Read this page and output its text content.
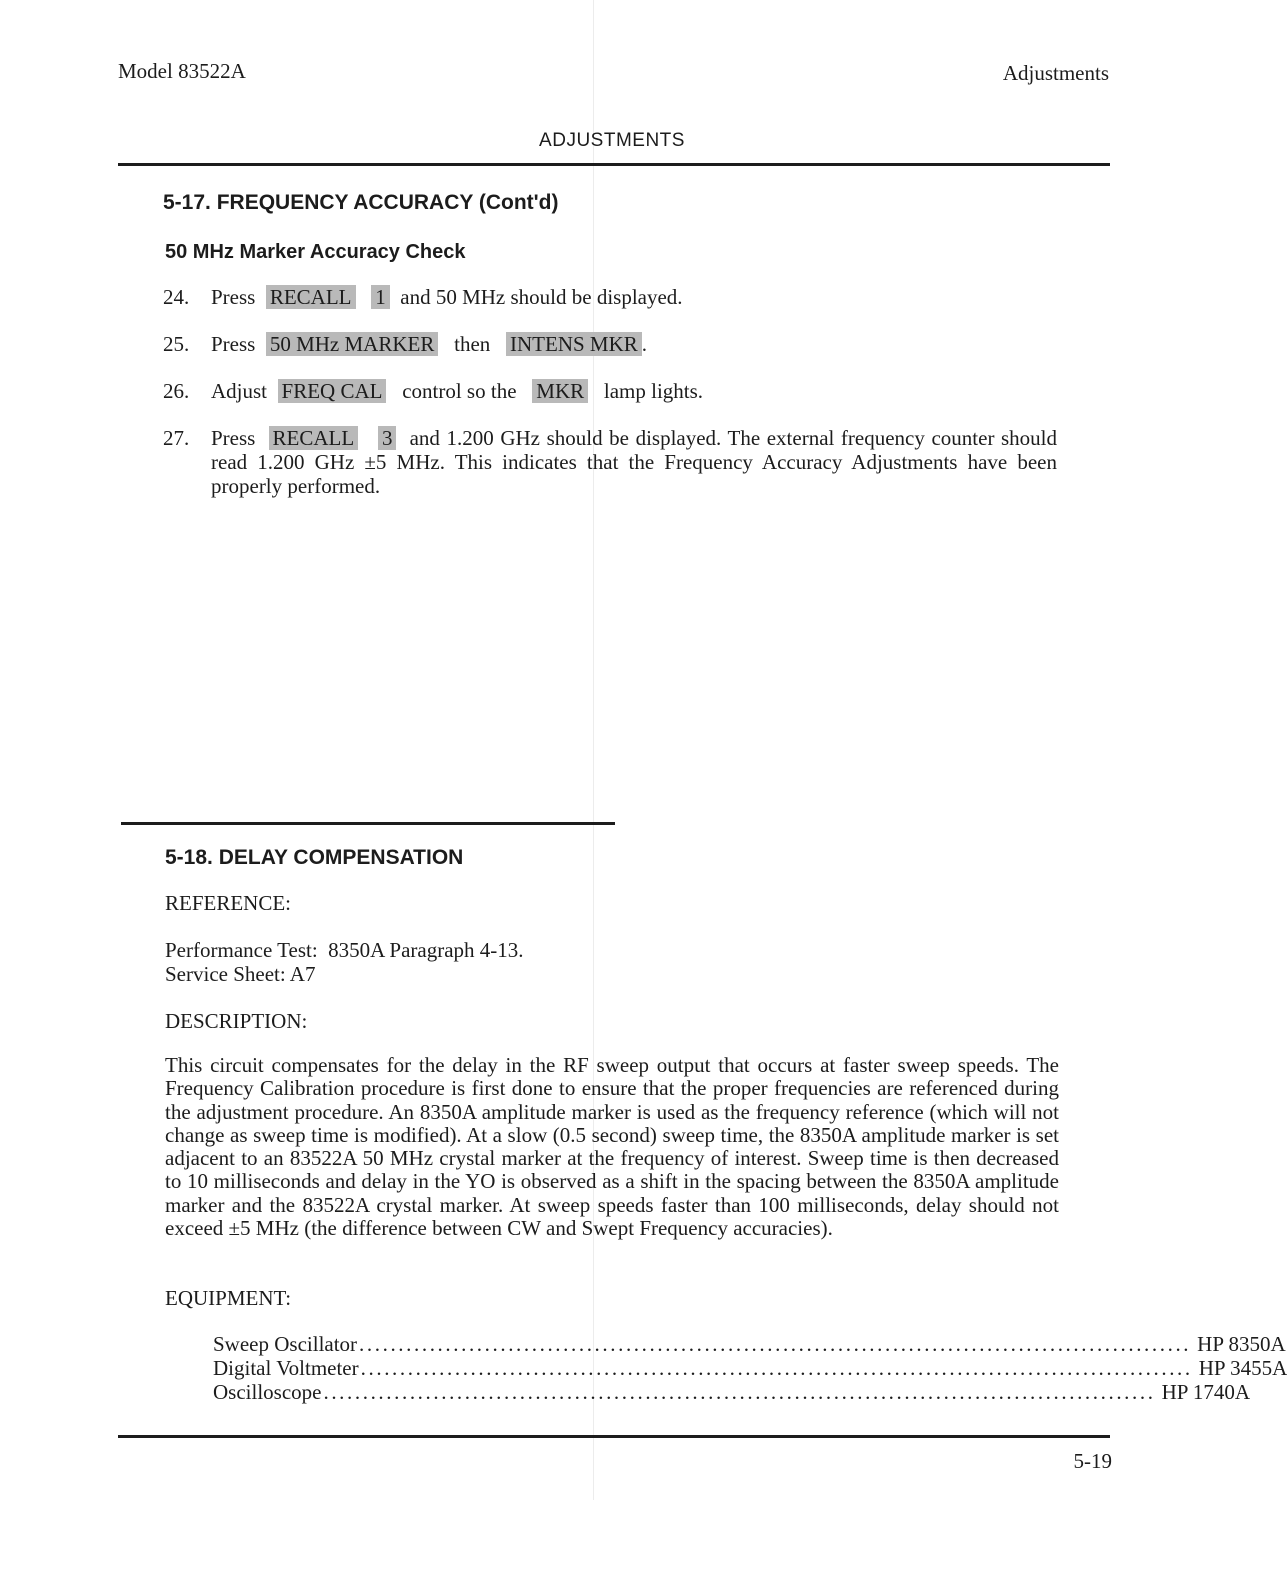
Model 83522A	Adjustments
ADJUSTMENTS
5-17. FREQUENCY ACCURACY (Cont'd)
50 MHz Marker Accuracy Check
24.	Press RECALL 1 and 50 MHz should be displayed.
25.	Press 50 MHz MARKER then INTENS MKR .
26.	Adjust FREQ CAL control so the MKR lamp lights.
27.	Press RECALL 3 and 1.200 GHz should be displayed. The external frequency counter should read 1.200 GHz ±5 MHz. This indicates that the Frequency Accuracy Adjustments have been properly performed.
5-18. DELAY COMPENSATION
REFERENCE:
Performance Test:  8350A Paragraph 4-13.
Service Sheet: A7
DESCRIPTION:
This circuit compensates for the delay in the RF sweep output that occurs at faster sweep speeds. The Frequency Calibration procedure is first done to ensure that the proper frequencies are referenced during the adjustment procedure. An 8350A amplitude marker is used as the frequency reference (which will not change as sweep time is modified). At a slow (0.5 second) sweep time, the 8350A amplitude marker is set adjacent to an 83522A 50 MHz crystal marker at the frequency of interest. Sweep time is then decreased to 10 milliseconds and delay in the YO is observed as a shift in the spacing between the 8350A amplitude marker and the 83522A crystal marker. At sweep speeds faster than 100 milliseconds, delay should not exceed ±5 MHz (the difference between CW and Swept Frequency accuracies).
EQUIPMENT:
Sweep Oscillator .......................................................................................................... HP 8350A
Digital Voltmeter .......................................................................................................... HP 3455A
Oscilloscope .......................................................................................................... HP 1740A
5-19
